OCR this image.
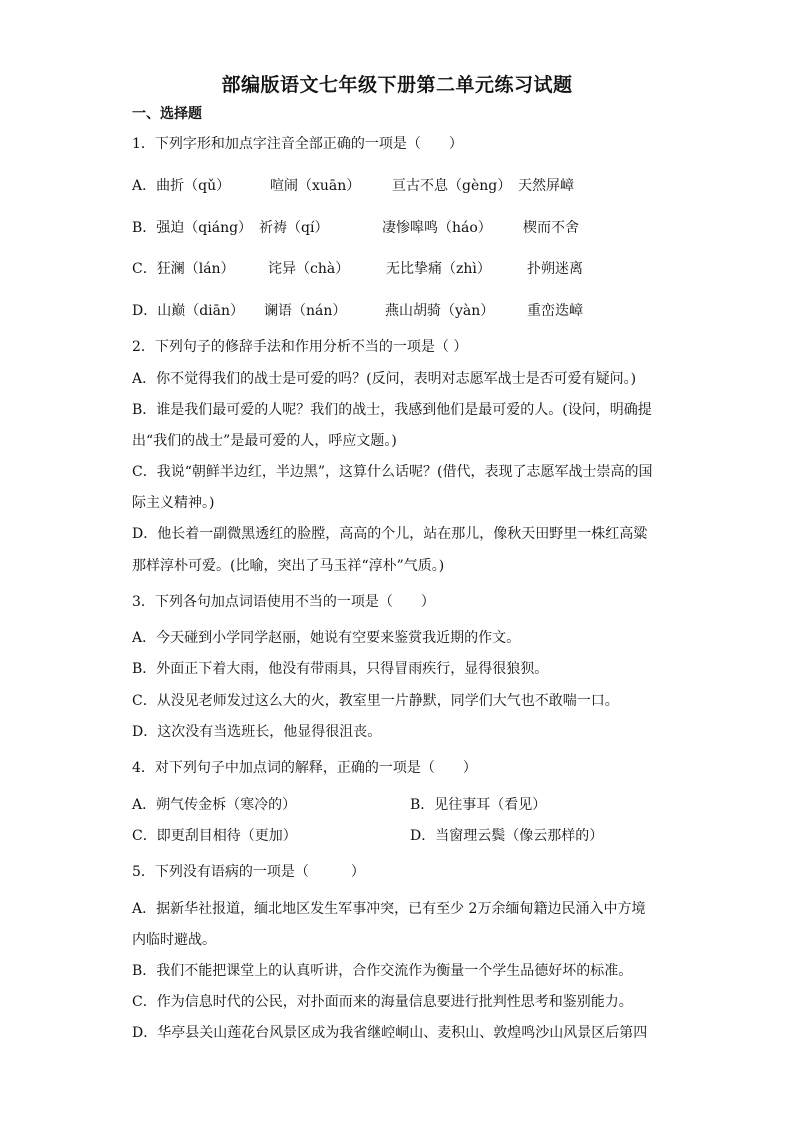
部编版语文七年级下册第二单元练习试题
一、选择题
1．下列字形和加点字注音全部正确的一项是（　　）
A．曲折（qǔ）	喧闹（xuān） 亘古不息（gèng） 天然屏嶂
B．强迫（qiáng） 祈祷（qí）	凄惨嗥鸣（háo） 楔而不舍
C．狂澜（lán） 诧异（chà）	无比挚痛（zhì）	扑朔迷离
D．山巅（diān） 谰语（nán）	燕山胡骑（yàn） 重峦迭嶂
2．下列句子的修辞手法和作用分析不当的一项是（ ）
A．你不觉得我们的战士是可爱的吗？(反问，表明对志愿军战士是否可爱有疑问。)
B．谁是我们最可爱的人呢？我们的战士，我感到他们是最可爱的人。(设问，明确提
出“我们的战士”是最可爱的人，呼应文题。)
C．我说“朝鲜半边红，半边黑”，这算什么话呢？(借代，表现了志愿军战士崇高的国
际主义精神。)
D．他长着一副微黑透红的脸膛，高高的个儿，站在那儿，像秋天田野里一株红高粱
那样淳朴可爱。(比喻，突出了马玉祥“淳朴”气质。)
3．下列各句加点词语使用不当的一项是（　　）
A．今天碰到小学同学赵丽，她说有空要来鉴赏我近期的作文。
B．外面正下着大雨，他没有带雨具，只得冒雨疾行，显得很狼狈。
C．从没见老师发过这么大的火，教室里一片静默，同学们大气也不敢喘一口。
D．这次没有当选班长，他显得很沮丧。
4．对下列句子中加点词的解释，正确的一项是（　　）
A．朔气传金柝（寒冷的）	B．见往事耳（看见）
C．即更刮目相待（更加）	D．当窗理云鬓（像云那样的）
5．下列没有语病的一项是（　　　）
A．据新华社报道，缅北地区发生军事冲突，已有至少 2万余缅甸籍边民涌入中方境
内临时避战。
B．我们不能把课堂上的认真听讲，合作交流作为衡量一个学生品德好坏的标准。
C．作为信息时代的公民，对扑面而来的海量信息要进行批判性思考和鉴别能力。
D．华亭县关山莲花台风景区成为我省继崆峒山、麦积山、敦煌鸣沙山风景区后第四
